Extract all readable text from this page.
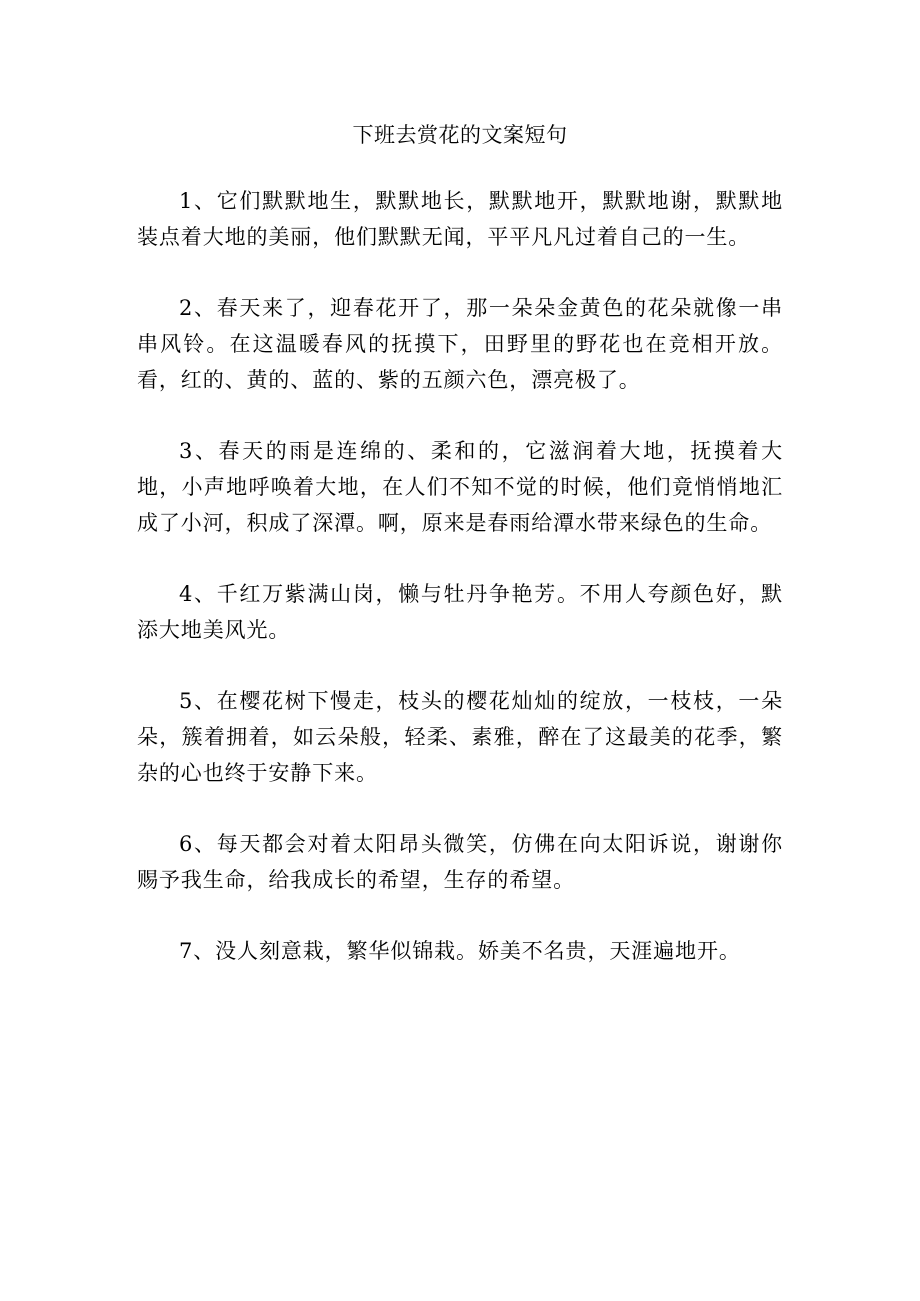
下班去赏花的文案短句

1、它们默默地生，默默地长，默默地开，默默地谢，默默地装点着大地的美丽，他们默默无闻，平平凡凡过着自己的一生。

2、春天来了，迎春花开了，那一朵朵金黄色的花朵就像一串串风铃。在这温暖春风的抚摸下，田野里的野花也在竞相开放。看，红的、黄的、蓝的、紫的五颜六色，漂亮极了。

3、春天的雨是连绵的、柔和的，它滋润着大地，抚摸着大地，小声地呼唤着大地，在人们不知不觉的时候，他们竟悄悄地汇成了小河，积成了深潭。啊，原来是春雨给潭水带来绿色的生命。

4、千红万紫满山岗，懒与牡丹争艳芳。不用人夸颜色好，默添大地美风光。

5、在樱花树下慢走，枝头的樱花灿灿的绽放，一枝枝，一朵朵，簇着拥着，如云朵般，轻柔、素雅，醉在了这最美的花季，繁杂的心也终于安静下来。

6、每天都会对着太阳昂头微笑，仿佛在向太阳诉说，谢谢你赐予我生命，给我成长的希望，生存的希望。

7、没人刻意栽，繁华似锦栽。娇美不名贵，天涯遍地开。
